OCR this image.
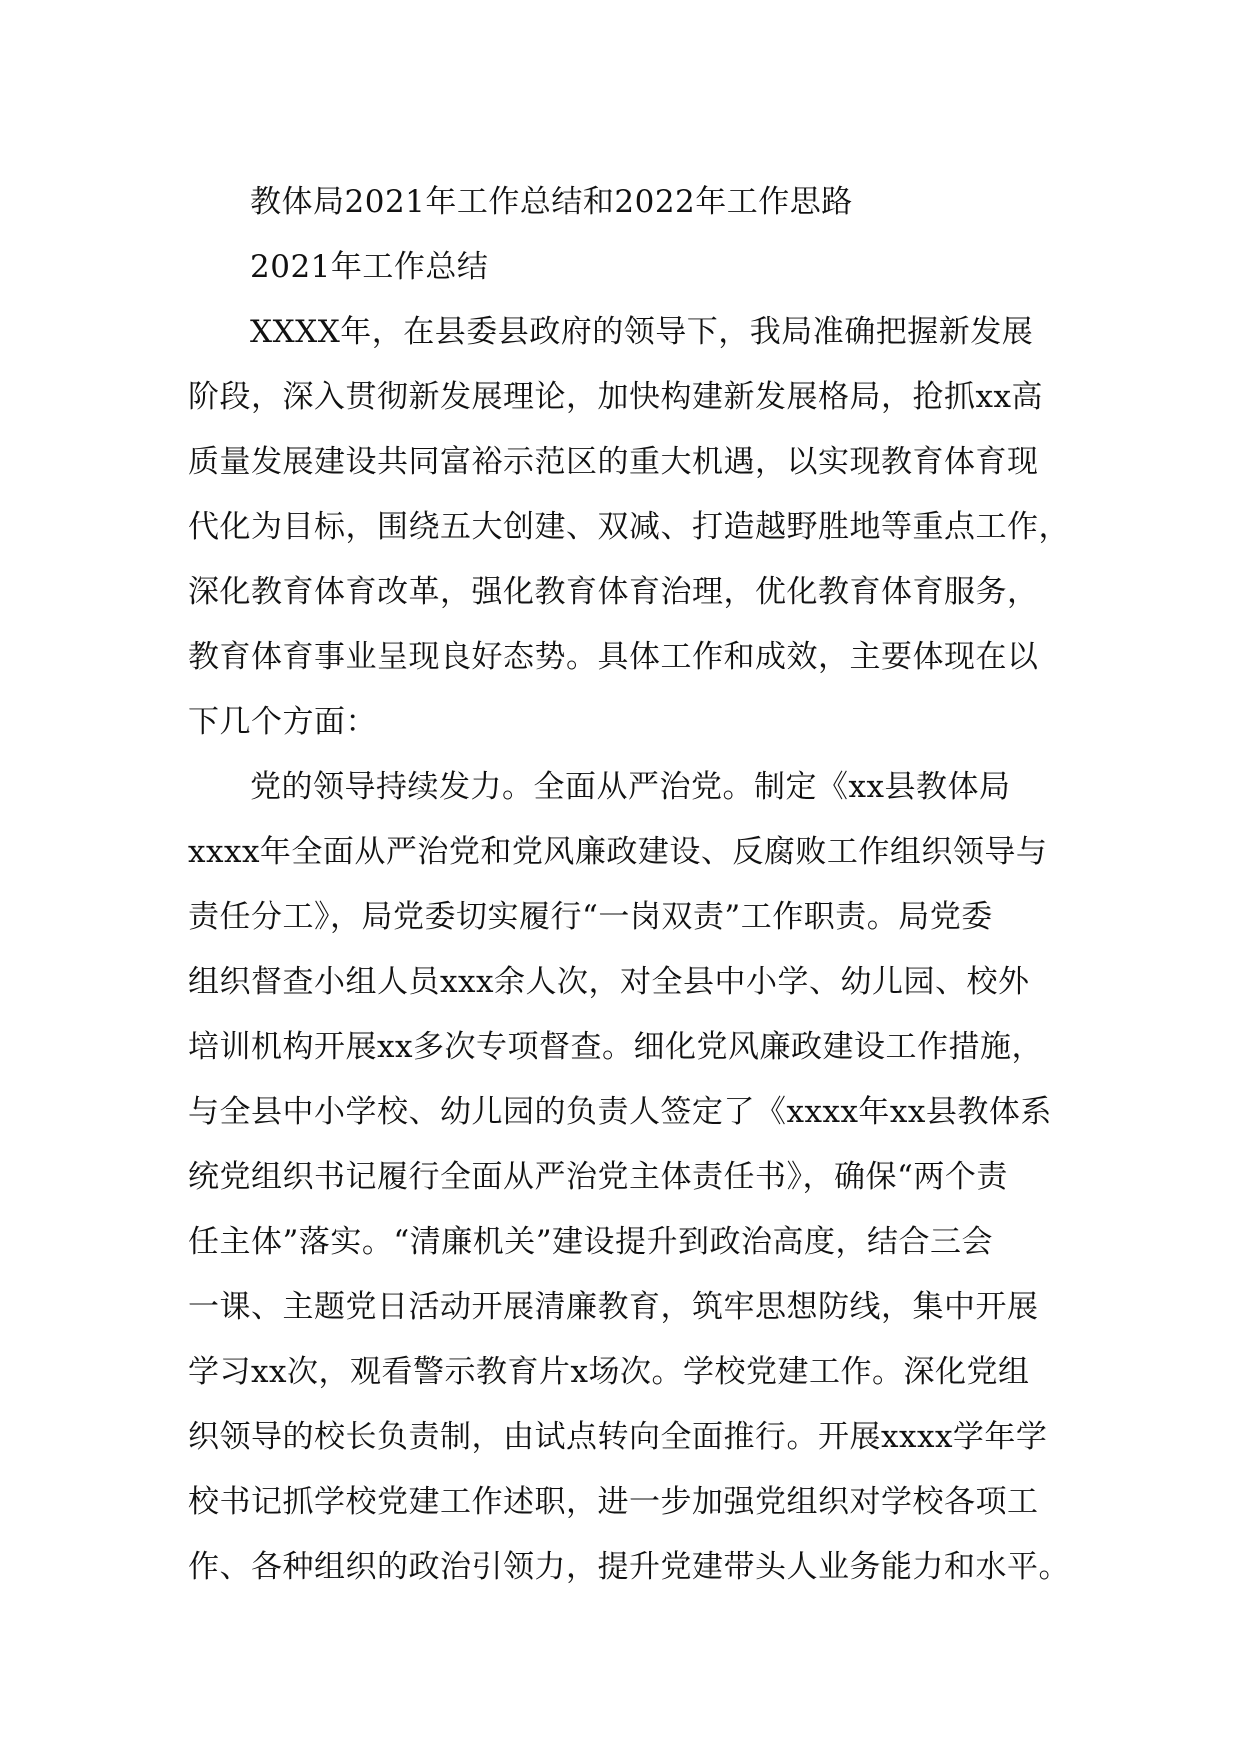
教体局2021年工作总结和2022年工作思路
2021年工作总结
XXXX年，在县委县政府的领导下，我局准确把握新发展
阶段，深入贯彻新发展理论，加快构建新发展格局，抢抓xx高
质量发展建设共同富裕示范区的重大机遇，以实现教育体育现
代化为目标，围绕五大创建、双减、打造越野胜地等重点工作，
深化教育体育改革，强化教育体育治理，优化教育体育服务，
教育体育事业呈现良好态势。具体工作和成效，主要体现在以
下几个方面：
党的领导持续发力。全面从严治党。制定《xx县教体局
xxxx年全面从严治党和党风廉政建设、反腐败工作组织领导与
责任分工》，局党委切实履行“一岗双责”工作职责。局党委
组织督查小组人员xxx余人次，对全县中小学、幼儿园、校外
培训机构开展xx多次专项督查。细化党风廉政建设工作措施，
与全县中小学校、幼儿园的负责人签定了《xxxx年xx县教体系
统党组织书记履行全面从严治党主体责任书》，确保“两个责
任主体”落实。“清廉机关”建设提升到政治高度，结合三会
一课、主题党日活动开展清廉教育，筑牢思想防线，集中开展
学习xx次，观看警示教育片x场次。学校党建工作。深化党组
织领导的校长负责制，由试点转向全面推行。开展xxxx学年学
校书记抓学校党建工作述职，进一步加强党组织对学校各项工
作、各种组织的政治引领力，提升党建带头人业务能力和水平。
